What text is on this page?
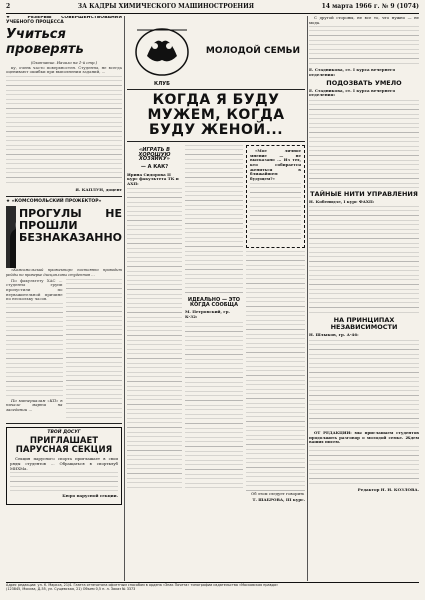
2	ЗА КАДРЫ ХИМИЧЕСКОГО МАШИНОСТРОЕНИЯ	14 марта 1966 г. № 9 (1074)
★ РЕЗЕРВЫ СОВЕРШЕНСТВОВАНИЯ УЧЕБНОГО ПРОЦЕССА
Учиться проверять
(Окончание. Начало на 1-й стр.)

ку, очень часто поверхностен. Студенты, не всегда оценивают ошибки при выполнении заданий, ...

Я. КАПЛУН, доцент
★ «КОМСОМОЛЬСКИЙ ПРОЖЕКТОР»
ПРОГУЛЫ НЕ ПРОШЛИ БЕЗНАКАЗАННО

«Комсомольский прожектор» постоянно проводит рейды по проверке дисциплины студентов ...

По факультету ХАС ... студенты групп пропустили по неуважительной причине по нескольку часов.

По материалам «КП» в начале марта на заседании ...

ТВОЙ ДОСУГ
ПРИГЛАШАЕТ ПАРУСНАЯ СЕКЦИЯ

Секция парусного спорта приглашает в свои ряды студентов ... Обращаться в спортклуб МИХМа.

Бюро парусной секции.
КЛУБ
МОЛОДОЙ СЕМЬИ
КОГДА Я БУДУ МУЖЕМ, КОГДА БУДУ ЖЕНОЙ...
«ИГРАТЬ В ХОРОШУЮ ХОЗЯЙКУ»
— А КАК?
Ирина Сидорова II курс факультета ТК и АХП:
ИДЕАЛЬНО — ЭТО КОГДА СООБЩА
М. Петровский, гр. К-32:

«Мое личное мнение — не высказано ... Из тех, кто собирается жениться в ближайшем будущем?»

Об этом следует говорить

Т. ШАБРОВА, III курс.

С другой стороны, не все то, что нужно — не мода.

Е. Стадникова, ст. I курса вечернего отделения:
ПОДОЗВАТЬ УМЕЛО
Е. Стадникова, ст. I курса вечернего отделения:
ТАЙНЫЕ НИТИ УПРАВЛЕНИЯ
Н. Кобенидзе, I курс ФАХП:
НА ПРИНЦИПАХ НЕЗАВИСИМОСТИ
Н. Шлыков, гр. А-46:

ОТ РЕДАКЦИИ: мы приглашаем студентов продолжить разговор о молодой семье. Ждем ваших писем.

Редактор Н. Н. КОЗЛОВА.
Адрес редакции: ул. К. Маркса, 21/4. Газета отпечатана офсетным способом в ордена «Знак Почета» типографии издательства «Московская правда»
(123845, Москва, Д-55, ул. Сущевская, 21) Объем 0,5 п. л. Заказ № 3373
